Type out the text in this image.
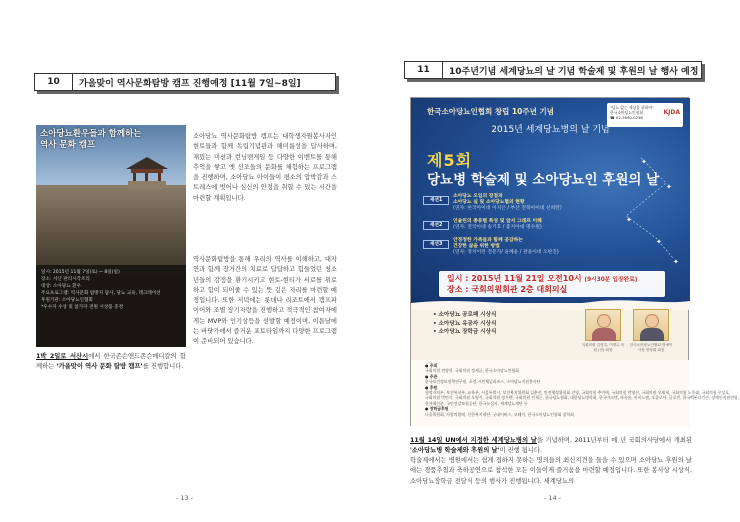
10	가을맞이 역사문화탐방 캠프 진행예정 [11월 7일~8일]
소아당뇨환우들과 함께하는
역사 문화 캠프
일시: 2015년 11월 7일(토) ~ 8일(일)
장소: 서산 관리시각조리
대상: 소아당뇨 환우
주요프로그램: 역사문화 탐방지 답사, 당뇨 교육, 레크레이션
후원기관: 소아당뇨인협회
*우수자 수상 및 참가자 전원 시상품 증정
소아당뇨 역사문화탐방 캠프는 대학생자원봉사자인 현토들과 함께 독립기념관과 해미릅성을 답사하며, 재밌는 미션과 런닝맨게임 등 다양한 이벤트를 통해 추억을 쌓고 옛 선조들의 문화를 체험하는 프로그램을 진행하며, 소아당뇨 아이들이 평소의 압박감과 스트레스에 벗어나 심신의 안정을 취할 수 있는 시간을 마련할 계획입니다.
역사문화탐방을 통해 우리의 역사를 이해하고, 대자연과 함께 장거간의 치료로 답답하고 힘들었던 청소년들의 감정을 환기시키고 현토-현티가 서로를 위로하고 힘이 되어줄 수 있는 뜻 깊은 자리를 마련할 예정입니다. 또한 저녁에는 롯데나 리조트에서 캠프파이어와 조별 장기자랑을 진행하고 적극적인 참여자에게는 MVP와 인기상등을 선발할 예정이며, 이튿날에는 바닷가에서 즐거운 포토타임까지 다양한 프로그램이 준비되어 있습니다.
1박 2일로 서산시에서 한국존슨앤드존슨메디칼의 함께하는 ‘가을맞이 역사 문화 탐방 캠프’를 진행합니다.
- 13 -
11	10주년기념 세계당뇨의 날 기념 학술제 및 후원의 날 행사 예정
✦
✦
✦
✦
✦
한국소아당뇨인협회 창립 10주년 기념	"당뇨 없는 세상을 위하여"
한국소아당뇨인협회
☎ 02-2690-0296
KJDA
2015년 세계당뇨병의 날 기념
제5회
당뇨병 학술제 및 소아당뇨인 후원의 날
세션1
소아당뇨 오입의 장점과
소아당뇨 실 및 소아당뇨협의 현황
(연자: 한국아이대 이지은 / 부산 전북아이대 신희만)
세션2
인슐린의 종류별 특성 및 앞서 그래프 이해
(연자: 전국아대 송기호 / 좋지아대 명수원)
세션3
안정정한 가족들과 함께 공감하는
건강한 삶을 위한 방법
(연자: 정치이런 전문가/ 윤혜윤 / 관을이대 오판진)
일시 : 2015년 11월 21일 오전10시 (9시30분 입장완료)
장소 : 국회의원회관 2층 대회의실
• 소아당뇨 공로패 시상식
• 소아당뇨 유공자 시상식
• 소아당뇨 장학금 시상식
국회의원 김영록, 이명수 의원 (전) 회장
한국소아당뇨인협회 명예이사장 현정회 회장
● 주최
국회의원 전병헌, 국회의원 정세균, 한국소아당뇨인협회
● 주관
한국보건정보정책연구원, 포럼-시민체널리즈스, 소아당뇨지원봉사단
● 후원
행정자치부, 보건복지부, 교육부, 서울특별시, 보건복지위원회 김춘진, 안전행정위원회 진영, 국회의원 추미애, 국회의원 박영선, 국회의원 오제세, 국회의원 노웅래, 국회의원 우상호,
국회의원 박민식, 국회의원 오영식, 국회의원 정우택, 국회의원 인재근, 한국당뇨협회, 대한당뇨병학회, 한국마크텍, 바슈롬, 비비노랩, 오클로아, 글로빈, 한국벡톤디킨슨, 장애인직원연합,
한겨레신문, 국민건강보험공단, 한국녹십자, 세계당뇨재단 등
● 장학금후원
다음위원회, 사랑의열매, 신한복지재단, 굿네이버스, 코웨이, 한국소아당뇨인협회 장학회
11월 14일 UN에서 지정한 세계당뇨병의 날을 기념하며, 2011년부터 매 년 국회의사당에서 개최된 '소아당뇨병 학술제와 후원의 날'이 진행 됩니다.
학술제에서는 병원에서는 쉽게 접하지 못하는 명의들의 최신지견을 들을 수 있으며 소아당뇨 후원의 날에는 경품추첨과 축하공연으로 참석한 모든 이들이게 즐거움을 마련할 예정입니다. 또한 봉사상 시상식, 소아당뇨장학금 전달식 등의 행사가 진행됩니다. 세계당뇨의
- 14 -
